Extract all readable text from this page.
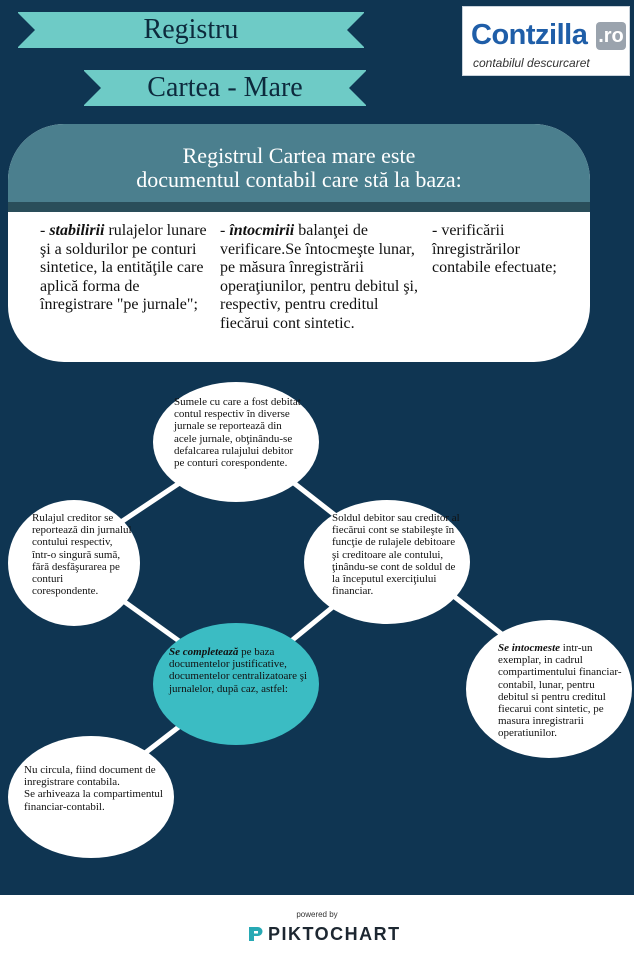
Registru
Cartea - Mare
Contzilla .ro
contabilul descurcaret
Registrul Cartea mare este
documentul contabil care stă la baza:
- stabilirii rulajelor lunare şi a soldurilor pe conturi sintetice, la entităţile care aplică forma de înregistrare "pe jurnale";
- întocmirii balanţei de verificare.Se întocmeşte lunar, pe măsura înregistrării operaţiunilor, pentru debitul şi, respectiv, pentru creditul fiecărui cont sintetic.
- verificării înregistrărilor contabile efectuate;
Sumele cu care a fost debitat contul respectiv în diverse jurnale se reportează din acele jurnale, obţinându-se defalcarea rulajului debitor pe conturi corespondente.
Rulajul creditor se reportează din jurnalul contului respectiv, într-o singură sumă, fără desfăşurarea pe conturi corespondente.
Soldul debitor sau creditor al fiecărui cont se stabileşte în funcţie de rulajele debitoare şi creditoare ale contului, ţinându-se cont de soldul de la începutul exerciţiului financiar.
Se completează pe baza documentelor justificative, documentelor centralizatoare şi jurnalelor, după caz, astfel:
Se intocmeste intr-un exemplar, in cadrul compartimentului financiar-contabil, lunar, pentru debitul si pentru creditul fiecarui cont sintetic, pe masura inregistrarii operatiunilor.
Nu circula, fiind document de inregistrare contabila.
Se arhiveaza la compartimentul financiar-contabil.
powered by
PIKTOCHART
